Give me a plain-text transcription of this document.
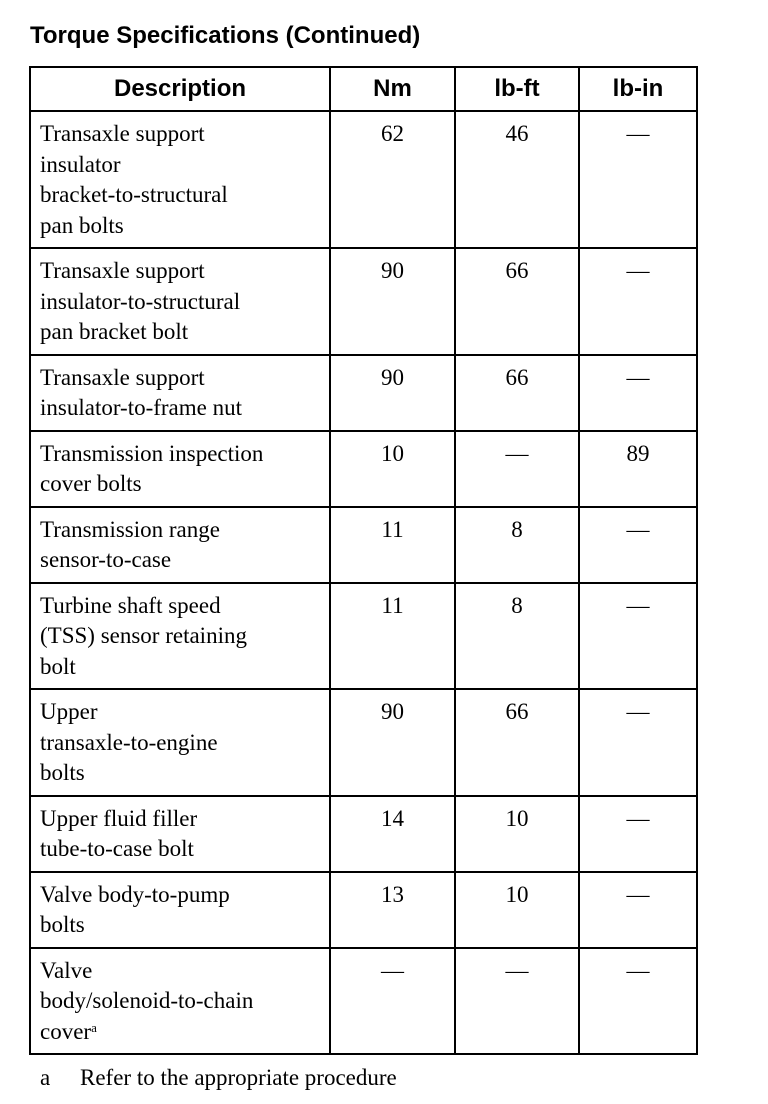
Torque Specifications (Continued)
Description	Nm	lb-ft	lb-in
Transaxle support
insulator
bracket-to-structural
pan bolts	62	46	—
Transaxle support
insulator-to-structural
pan bracket bolt	90	66	—
Transaxle support
insulator-to-frame nut	90	66	—
Transmission inspection
cover bolts	10	—	89
Transmission range
sensor-to-case	11	8	—
Turbine shaft speed
(TSS) sensor retaining
bolt	11	8	—
Upper
transaxle-to-engine
bolts	90	66	—
Upper fluid filler
tube-to-case bolt	14	10	—
Valve body-to-pump
bolts	13	10	—
Valve
body/solenoid-to-chain
cover$^a$	—	—	—
a Refer to the appropriate procedure
